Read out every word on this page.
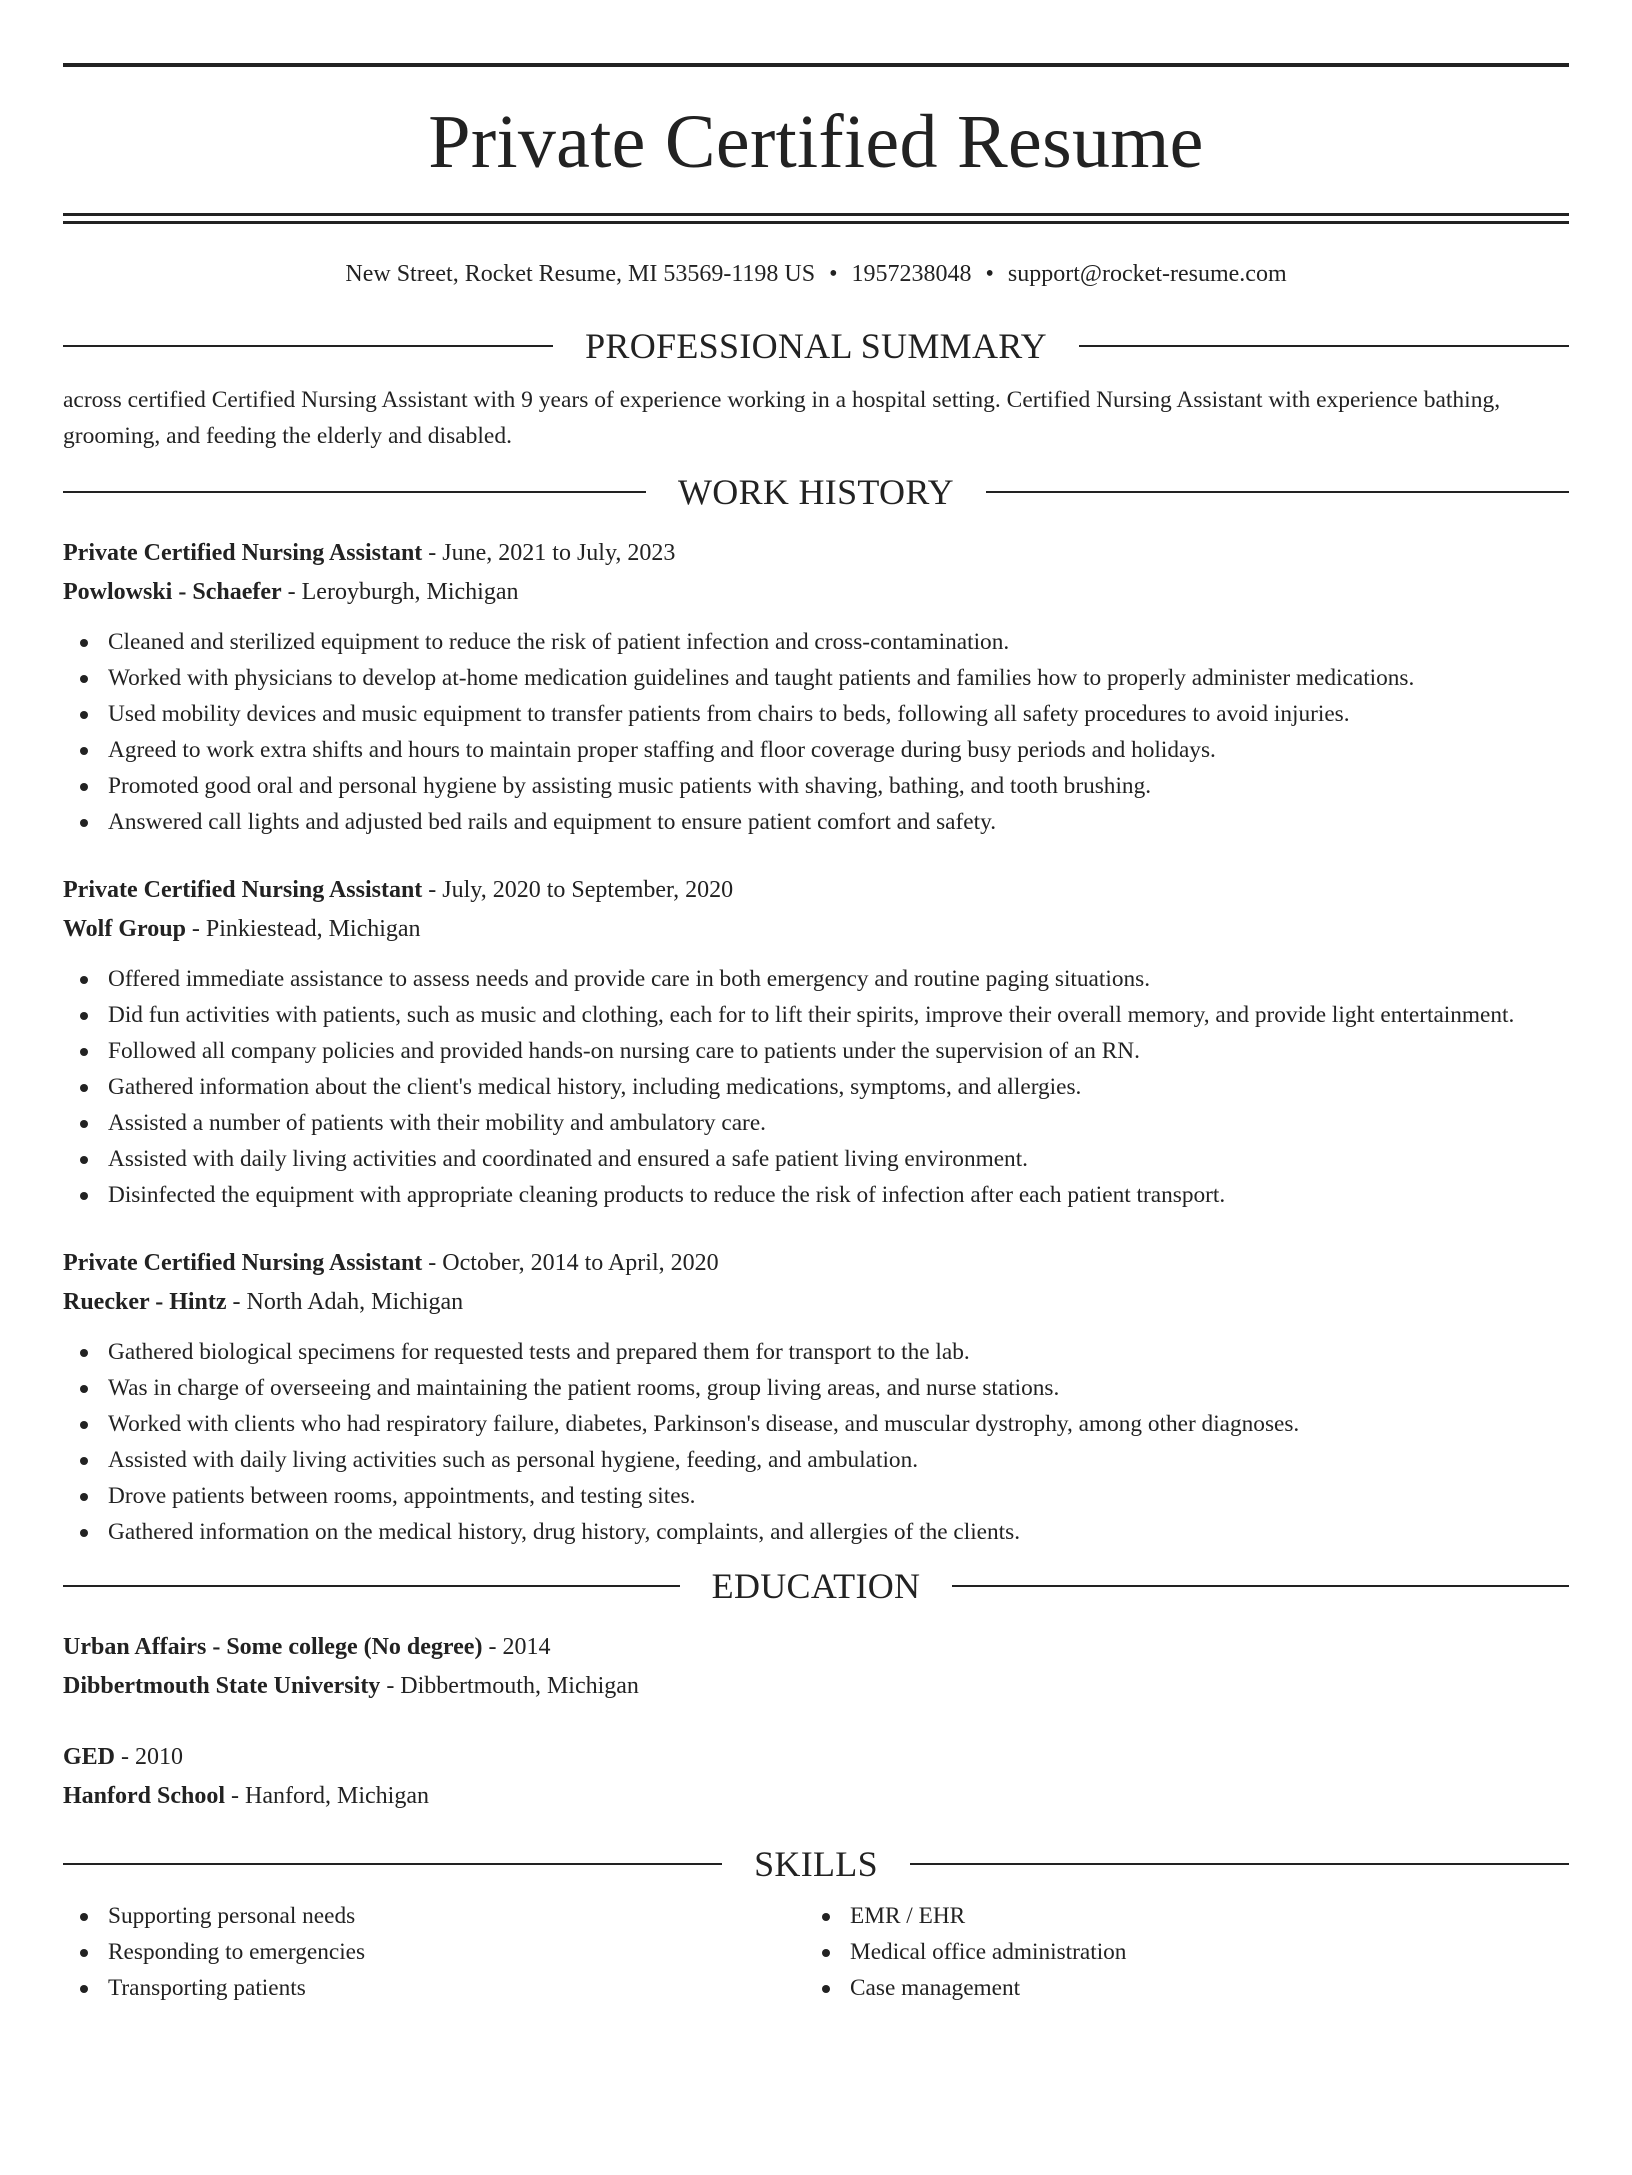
Private Certified Resume
New Street, Rocket Resume, MI 53569-1198 US • 1957238048 • support@rocket-resume.com
PROFESSIONAL SUMMARY

across certified Certified Nursing Assistant with 9 years of experience working in a hospital setting. Certified Nursing Assistant with experience bathing, grooming, and feeding the elderly and disabled.

WORK HISTORY
Private Certified Nursing Assistant - June, 2021 to July, 2023
Powlowski - Schaefer - Leroyburgh, Michigan
Cleaned and sterilized equipment to reduce the risk of patient infection and cross-contamination.
Worked with physicians to develop at-home medication guidelines and taught patients and families how to properly administer medications.
Used mobility devices and music equipment to transfer patients from chairs to beds, following all safety procedures to avoid injuries.
Agreed to work extra shifts and hours to maintain proper staffing and floor coverage during busy periods and holidays.
Promoted good oral and personal hygiene by assisting music patients with shaving, bathing, and tooth brushing.
Answered call lights and adjusted bed rails and equipment to ensure patient comfort and safety.
Private Certified Nursing Assistant - July, 2020 to September, 2020
Wolf Group - Pinkiestead, Michigan
Offered immediate assistance to assess needs and provide care in both emergency and routine paging situations.
Did fun activities with patients, such as music and clothing, each for to lift their spirits, improve their overall memory, and provide light entertainment.
Followed all company policies and provided hands-on nursing care to patients under the supervision of an RN.
Gathered information about the client's medical history, including medications, symptoms, and allergies.
Assisted a number of patients with their mobility and ambulatory care.
Assisted with daily living activities and coordinated and ensured a safe patient living environment.
Disinfected the equipment with appropriate cleaning products to reduce the risk of infection after each patient transport.
Private Certified Nursing Assistant - October, 2014 to April, 2020
Ruecker - Hintz - North Adah, Michigan
Gathered biological specimens for requested tests and prepared them for transport to the lab.
Was in charge of overseeing and maintaining the patient rooms, group living areas, and nurse stations.
Worked with clients who had respiratory failure, diabetes, Parkinson's disease, and muscular dystrophy, among other diagnoses.
Assisted with daily living activities such as personal hygiene, feeding, and ambulation.
Drove patients between rooms, appointments, and testing sites.
Gathered information on the medical history, drug history, complaints, and allergies of the clients.
EDUCATION
Urban Affairs - Some college (No degree) - 2014
Dibbertmouth State University - Dibbertmouth, Michigan
GED - 2010
Hanford School - Hanford, Michigan
SKILLS
Supporting personal needs
Responding to emergencies
Transporting patients
EMR / EHR
Medical office administration
Case management
